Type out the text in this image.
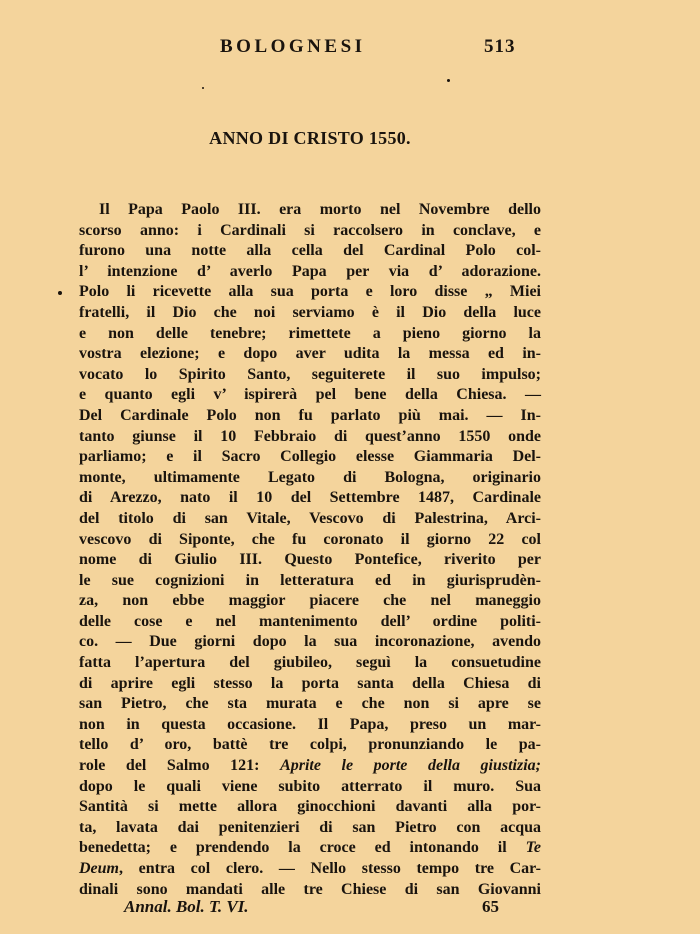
BOLOGNESI	513
ANNO DI CRISTO 1550.
Il Papa Paolo III. era morto nel Novembre dello
scorso anno: i Cardinali si raccolsero in conclave, e
furono una notte alla cella del Cardinal Polo col-
l’ intenzione d’ averlo Papa per via d’ adorazione.
Polo li ricevette alla sua porta e loro disse „ Miei
fratelli, il Dio che noi serviamo è il Dio della luce
e non delle tenebre; rimettete a pieno giorno la
vostra elezione; e dopo aver udita la messa ed in-
vocato lo Spirito Santo, seguiterete il suo impulso;
e quanto egli v’ ispirerà pel bene della Chiesa. —
Del Cardinale Polo non fu parlato più mai. — In-
tanto giunse il 10 Febbraio di quest’anno 1550 onde
parliamo; e il Sacro Collegio elesse Giammaria Del-
monte, ultimamente Legato di Bologna, originario
di Arezzo, nato il 10 del Settembre 1487, Cardinale
del titolo di san Vitale, Vescovo di Palestrina, Arci-
vescovo di Siponte, che fu coronato il giorno 22 col
nome di Giulio III. Questo Pontefice, riverito per
le sue cognizioni in letteratura ed in giurisprudèn-
za, non ebbe maggior piacere che nel maneggio
delle cose e nel mantenimento dell’ ordine politi-
co. — Due giorni dopo la sua incoronazione, avendo
fatta l’apertura del giubileo, seguì la consuetudine
di aprire egli stesso la porta santa della Chiesa di
san Pietro, che sta murata e che non si apre se
non in questa occasione. Il Papa, preso un mar-
tello d’ oro, battè tre colpi, pronunziando le pa-
role del Salmo 121: Aprite le porte della giustizia;
dopo le quali viene subito atterrato il muro. Sua
Santità si mette allora ginocchioni davanti alla por-
ta, lavata dai penitenzieri di san Pietro con acqua
benedetta; e prendendo la croce ed intonando il Te
Deum, entra col clero. — Nello stesso tempo tre Car-
dinali sono mandati alle tre Chiese di san Giovanni
Annal. Bol. T. VI.	65
